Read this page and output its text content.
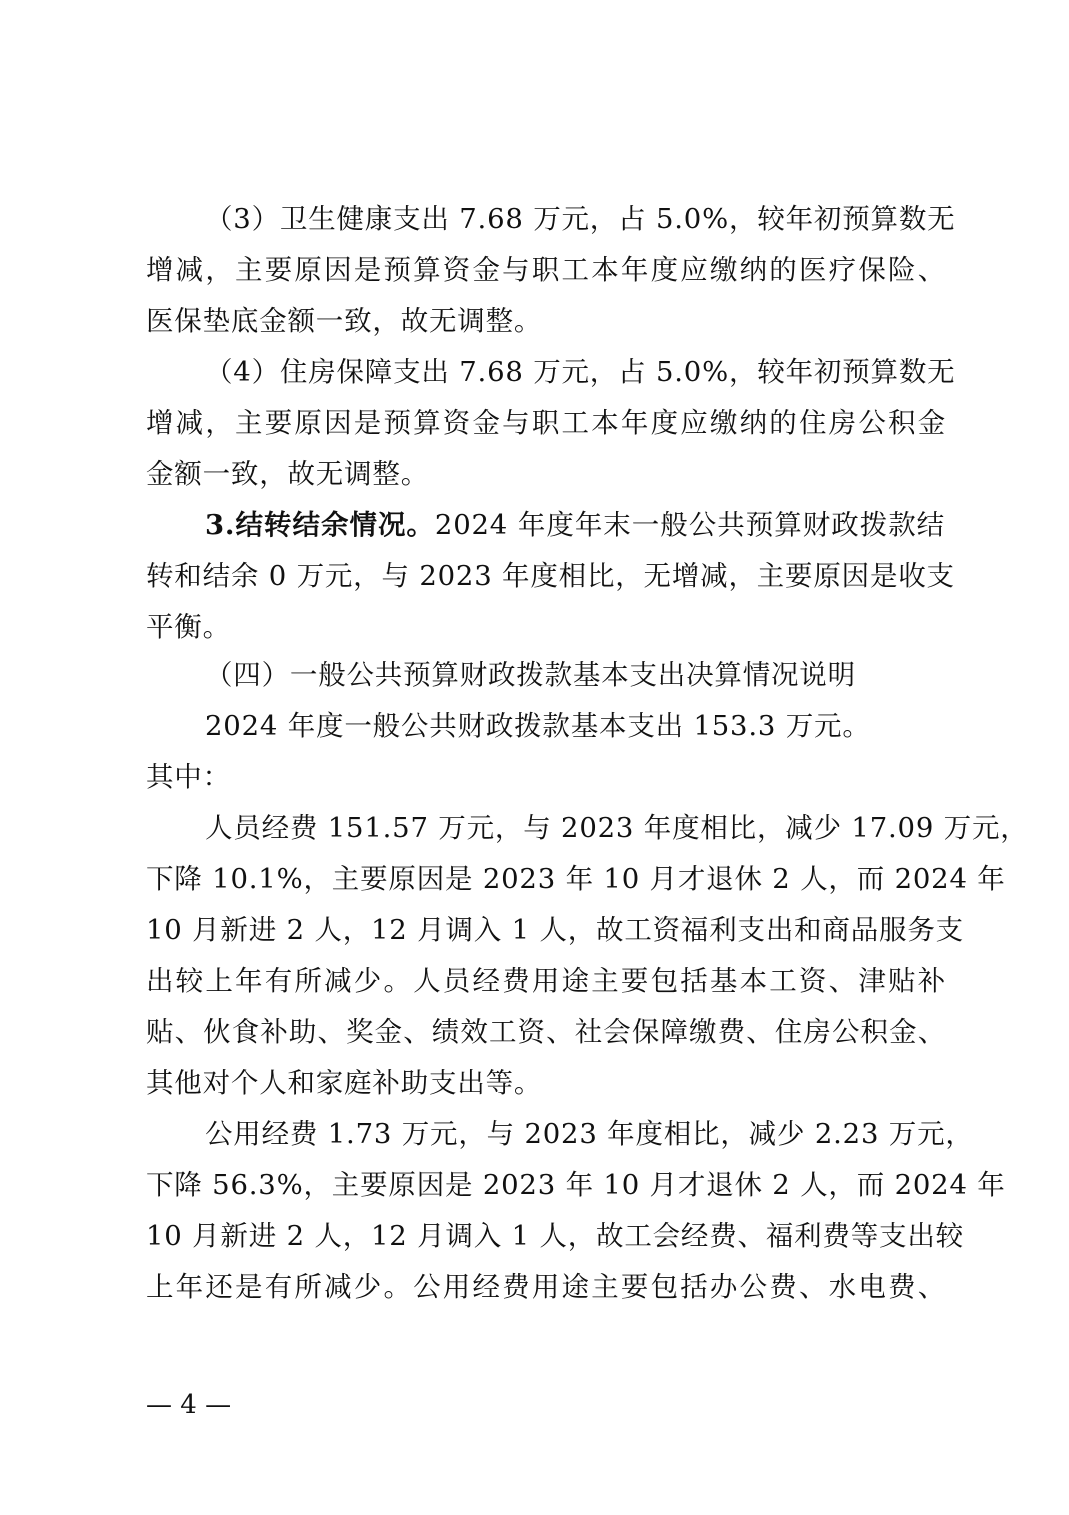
（3）卫生健康支出 7.68 万元，占 5.0%，较年初预算数无
增减，主要原因是预算资金与职工本年度应缴纳的医疗保险、
医保垫底金额一致，故无调整。
（4）住房保障支出 7.68 万元，占 5.0%，较年初预算数无
增减，主要原因是预算资金与职工本年度应缴纳的住房公积金
金额一致，故无调整。
3.结转结余情况。2024 年度年末一般公共预算财政拨款结
转和结余 0 万元，与 2023 年度相比，无增减，主要原因是收支
平衡。
（四）一般公共预算财政拨款基本支出决算情况说明
2024 年度一般公共财政拨款基本支出 153.3 万元。
其中：
人员经费 151.57 万元，与 2023 年度相比，减少 17.09 万元，
下降 10.1%，主要原因是 2023 年 10 月才退休 2 人，而 2024 年
10 月新进 2 人，12 月调入 1 人，故工资福利支出和商品服务支
出较上年有所减少。人员经费用途主要包括基本工资、津贴补
贴、伙食补助、奖金、绩效工资、社会保障缴费、住房公积金、
其他对个人和家庭补助支出等。
公用经费 1.73 万元，与 2023 年度相比，减少 2.23 万元，
下降 56.3%，主要原因是 2023 年 10 月才退休 2 人，而 2024 年
10 月新进 2 人，12 月调入 1 人，故工会经费、福利费等支出较
上年还是有所减少。公用经费用途主要包括办公费、水电费、
— 4 —
